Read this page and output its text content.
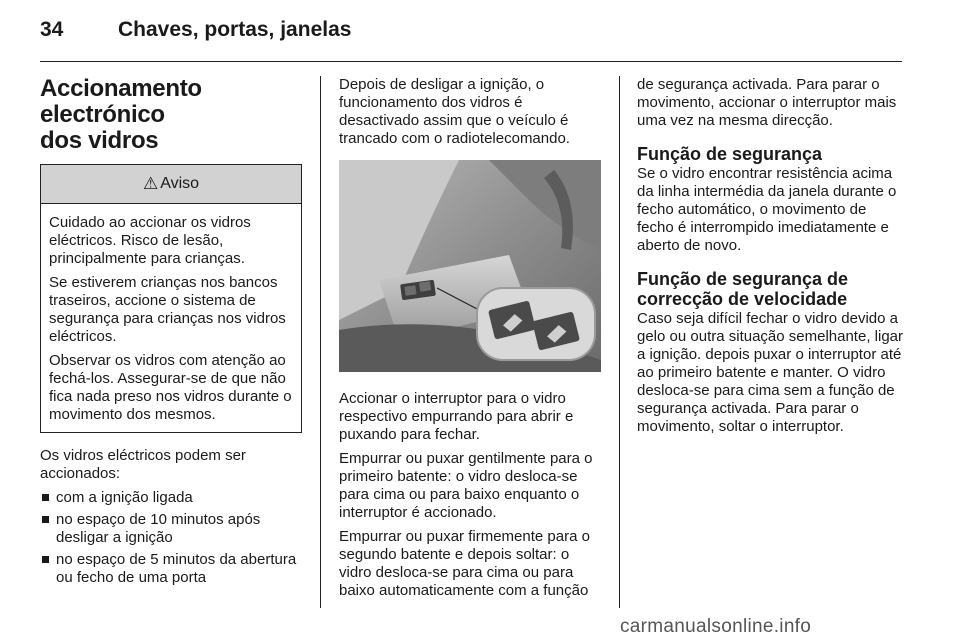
34	Chaves, portas, janelas
Accionamento electrónico
dos vidros
⚠ Aviso

Cuidado ao accionar os vidros eléctricos. Risco de lesão, principalmente para crianças.

Se estiverem crianças nos bancos traseiros, accione o sistema de segurança para crianças nos vidros eléctricos.

Observar os vidros com atenção ao fechá-los. Assegurar-se de que não fica nada preso nos vidros durante o movimento dos mesmos.

Os vidros eléctricos podem ser accionados:

com a ignição ligada
no espaço de 10 minutos após desligar a ignição
no espaço de 5 minutos da abertura ou fecho de uma porta

Depois de desligar a ignição, o funcionamento dos vidros é desactivado assim que o veículo é trancado com o radiotelecomando.

Accionar o interruptor para o vidro respectivo empurrando para abrir e puxando para fechar.

Empurrar ou puxar gentilmente para o primeiro batente: o vidro desloca-se para cima ou para baixo enquanto o interruptor é accionado.

Empurrar ou puxar firmemente para o segundo batente e depois soltar: o vidro desloca-se para cima ou para baixo automaticamente com a função

de segurança activada. Para parar o movimento, accionar o interruptor mais uma vez na mesma direcção.

Função de segurança

Se o vidro encontrar resistência acima da linha intermédia da janela durante o fecho automático, o movimento de fecho é interrompido imediatamente e aberto de novo.

Função de segurança de
correcção de velocidade

Caso seja difícil fechar o vidro devido a gelo ou outra situação semelhante, ligar a ignição. depois puxar o interruptor até ao primeiro batente e manter. O vidro desloca-se para cima sem a função de segurança activada. Para parar o movimento, soltar o interruptor.

carmanualsonline.info
